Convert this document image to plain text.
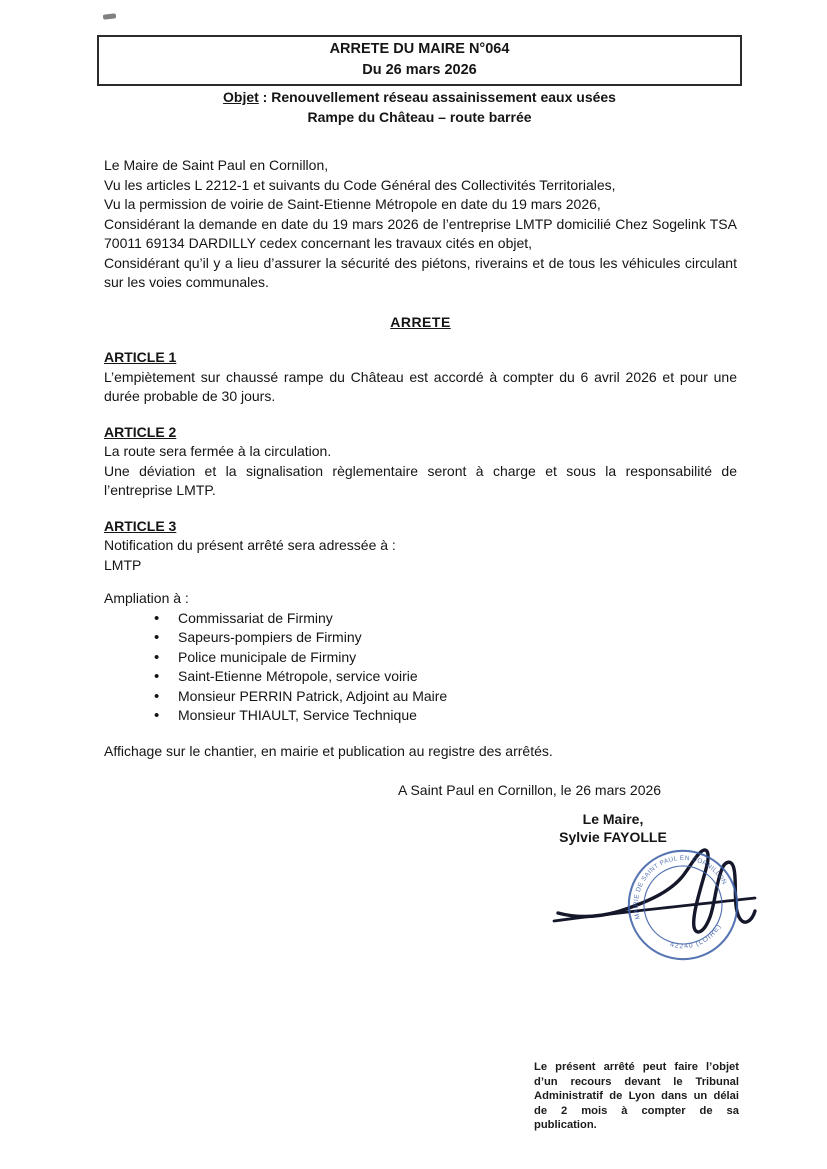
ARRETE DU MAIRE N°064
Du 26 mars 2026
Objet : Renouvellement réseau assainissement eaux usées
Rampe du Château – route barrée

Le Maire de Saint Paul en Cornillon,

Vu les articles L 2212-1 et suivants du Code Général des Collectivités Territoriales,

Vu la permission de voirie de Saint-Etienne Métropole en date du 19 mars 2026,

Considérant la demande en date du 19 mars 2026 de l’entreprise LMTP domicilié Chez Sogelink TSA 70011 69134 DARDILLY cedex concernant les travaux cités en objet,

Considérant qu’il y a lieu d’assurer la sécurité des piétons, riverains et de tous les véhicules circulant sur les voies communales.

ARRETE

ARTICLE 1

L’empiètement sur chaussé rampe du Château est accordé à compter du 6 avril 2026 et pour une durée probable de 30 jours.

ARTICLE 2

La route sera fermée à la circulation.

Une déviation et la signalisation règlementaire seront à charge et sous la responsabilité de l’entreprise LMTP.

ARTICLE 3

Notification du présent arrêté sera adressée à :

LMTP

Ampliation à :

•	Commissariat de Firminy
•	Sapeurs-pompiers de Firminy
•	Police municipale de Firminy
•	Saint-Etienne Métropole, service voirie
•	Monsieur PERRIN Patrick, Adjoint au Maire
•	Monsieur THIAULT, Service Technique

Affichage sur le chantier, en mairie et publication au registre des arrêtés.

A Saint Paul en Cornillon, le 26 mars 2026

Le Maire,
Sylvie FAYOLLE
MAIRIE DE SAINT PAUL EN CORNILLON
42240 (LOIRE)

Le présent arrêté peut faire l’objet d’un recours devant le Tribunal Administratif de Lyon dans un délai de 2 mois à compter de sa publication.
